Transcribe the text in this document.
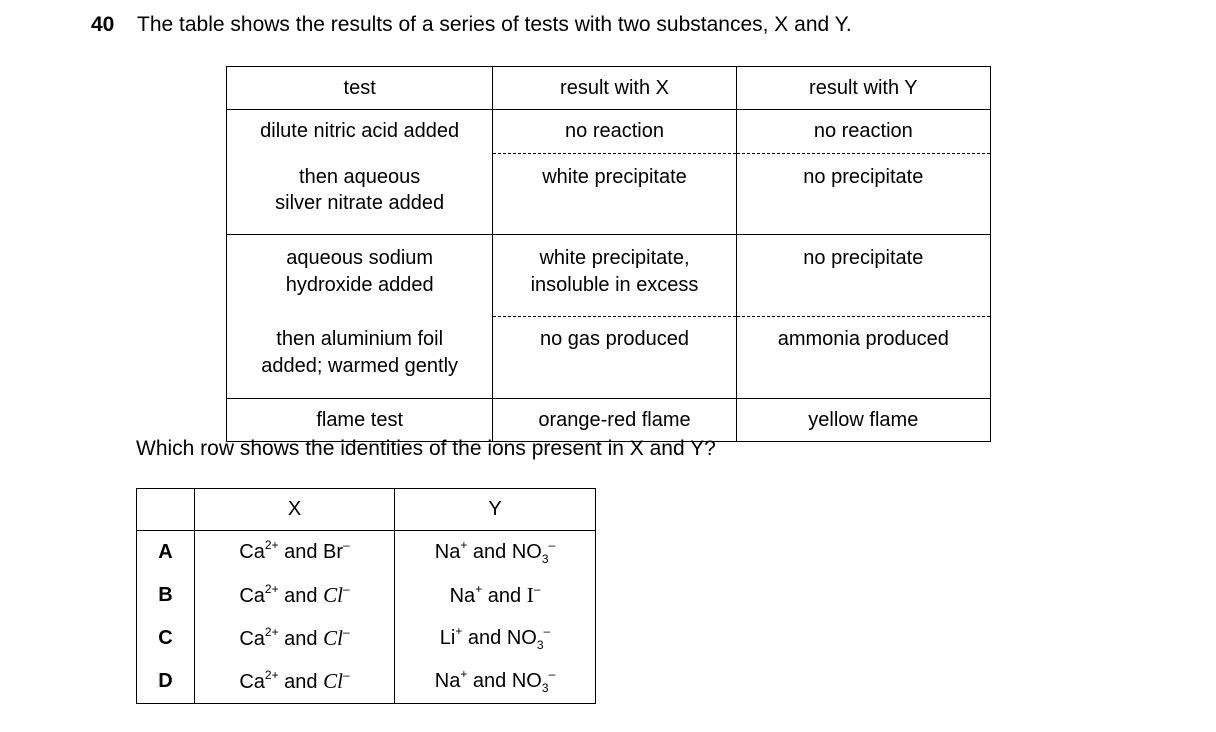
40 The table shows the results of a series of tests with two substances, X and Y.
test	result with X	result with Y
dilute nitric acid added	no reaction	no reaction
then aqueous
silver nitrate added	white precipitate	no precipitate
aqueous sodium
hydroxide added	white precipitate,
insoluble in excess	no precipitate
then aluminium foil
added; warmed gently	no gas produced	ammonia produced
flame test	orange-red flame	yellow flame
Which row shows the identities of the ions present in X and Y?
	X	Y
A	$Ca^{2+}$ and Br–	Na+ and $NO_3^-$
B	$Ca^{2+}$ and Cl–	Na+ and I–
C	$Ca^{2+}$ and Cl–	Li+ and $NO_3^-$
D	$Ca^{2+}$ and Cl–	Na+ and $NO_3^-$
